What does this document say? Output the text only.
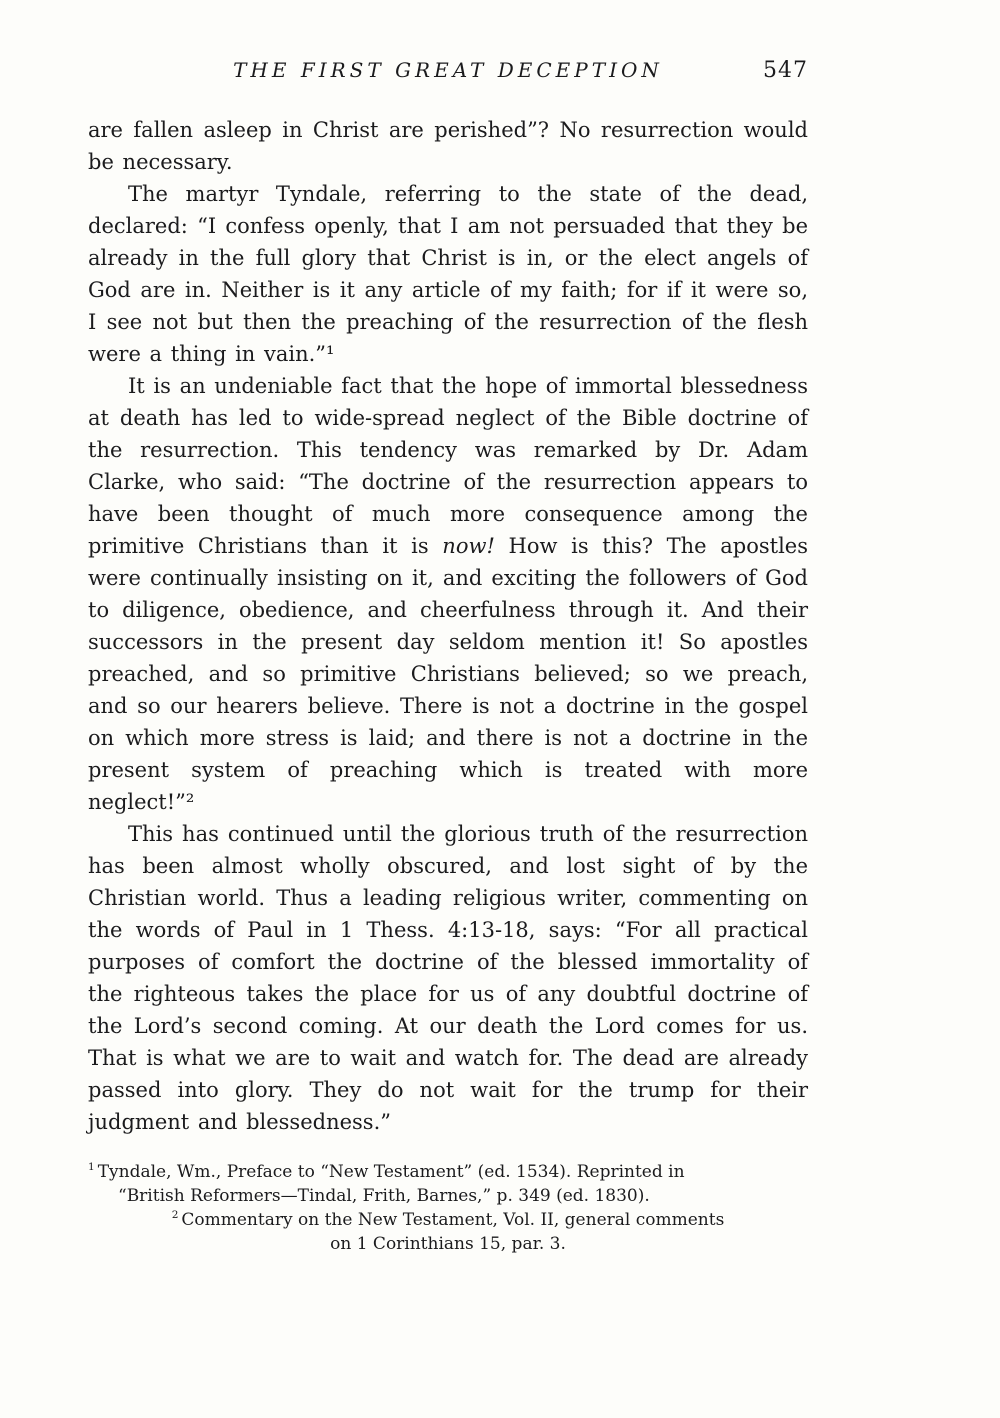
THE FIRST GREAT DECEPTION	547

are fallen asleep in Christ are perished”? No resurrection would be necessary.

The martyr Tyndale, referring to the state of the dead, declared: “I confess openly, that I am not persuaded that they be already in the full glory that Christ is in, or the elect angels of God are in. Neither is it any article of my faith; for if it were so, I see not but then the preaching of the resurrection of the flesh were a thing in vain.”¹

It is an undeniable fact that the hope of immortal blessedness at death has led to wide-spread neglect of the Bible doctrine of the resurrection. This tendency was remarked by Dr. Adam Clarke, who said: “The doctrine of the resurrection appears to have been thought of much more consequence among the primitive Christians than it is now! How is this? The apostles were continually insisting on it, and exciting the followers of God to diligence, obedience, and cheerfulness through it. And their successors in the present day seldom mention it! So apostles preached, and so primitive Christians believed; so we preach, and so our hearers believe. There is not a doctrine in the gospel on which more stress is laid; and there is not a doctrine in the present system of preaching which is treated with more neglect!”²

This has continued until the glorious truth of the resurrection has been almost wholly obscured, and lost sight of by the Christian world. Thus a leading religious writer, commenting on the words of Paul in 1 Thess. 4:13-18, says: “For all practical purposes of comfort the doctrine of the blessed immortality of the righteous takes the place for us of any doubtful doctrine of the Lord’s second coming. At our death the Lord comes for us. That is what we are to wait and watch for. The dead are already passed into glory. They do not wait for the trump for their judgment and blessedness.”

$^1$ Tyndale, Wm., Preface to “New Testament” (ed. 1534). Reprinted in
“British Reformers—Tindal, Frith, Barnes,” p. 349 (ed. 1830).
$^2$ Commentary on the New Testament, Vol. II, general comments
on 1 Corinthians 15, par. 3.
